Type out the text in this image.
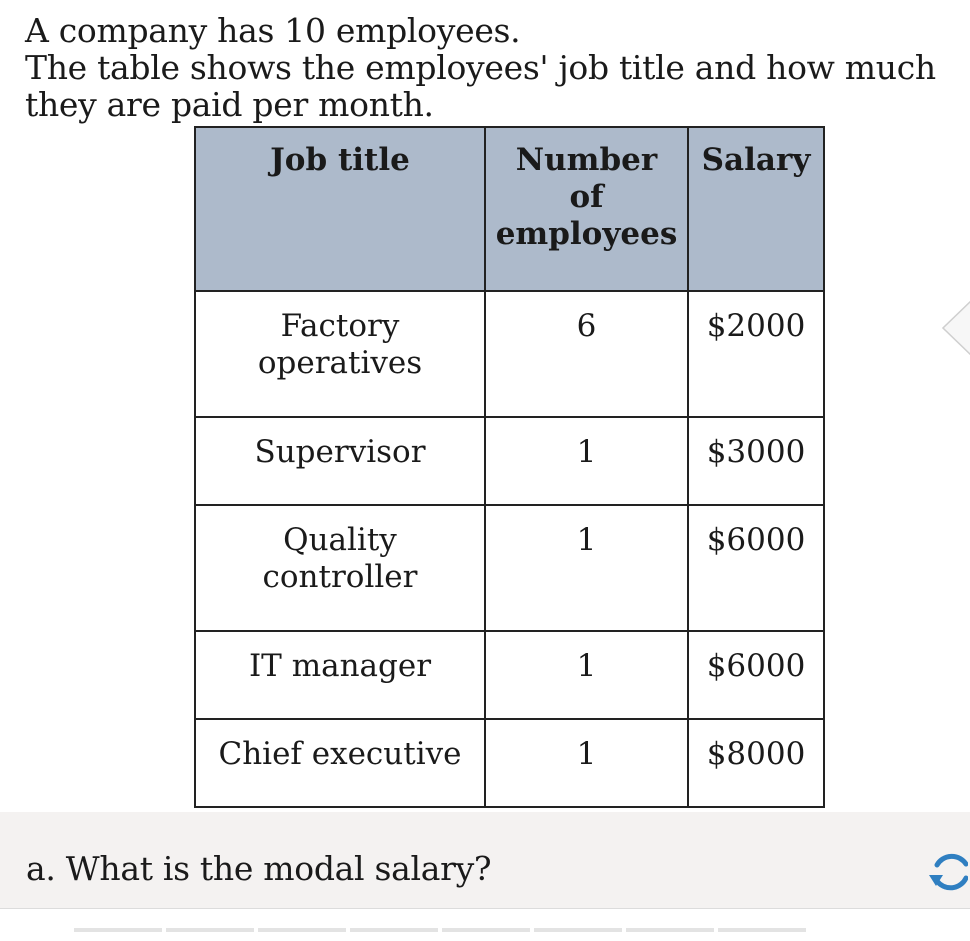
A company has 10 employees.

The table shows the employees' job title and how much they are paid per month.

Job title	Number of employees	Salary
Factory operatives	6	$2000
Supervisor	1	$3000
Quality controller	1	$6000
IT manager	1	$6000
Chief executive	1	$8000
a. What is the modal salary?
